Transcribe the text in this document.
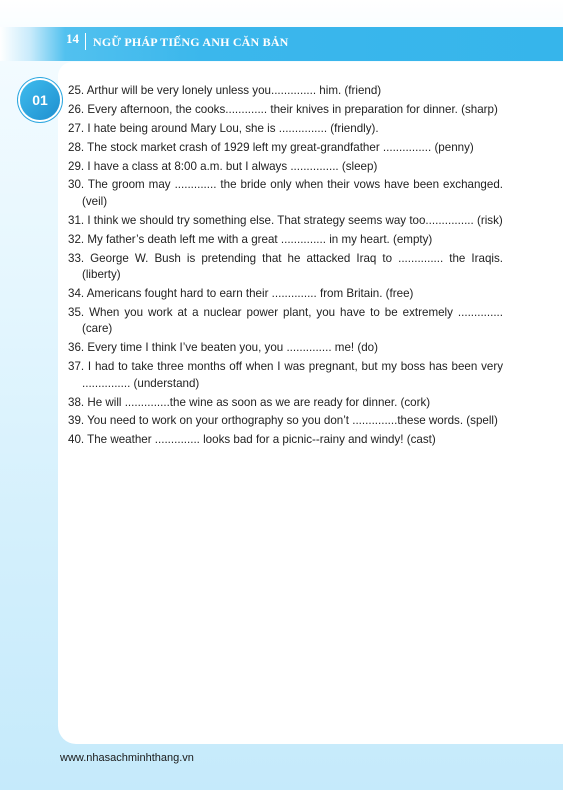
14 NGỮ PHÁP TIẾNG ANH CĂN BẢN
01
25. Arthur will be very lonely unless you.............. him. (friend)
26. Every afternoon, the cooks............. their knives in preparation for dinner. (sharp)
27. I hate being around Mary Lou, she is ............... (friendly).
28. The stock market crash of 1929 left my great-grandfather ............... (penny)
29. I have a class at 8:00 a.m. but I always ............... (sleep)
30. The groom may ............. the bride only when their vows have been exchanged. (veil)
31. I think we should try something else. That strategy seems way too............... (risk)
32. My father’s death left me with a great .............. in my heart. (empty)
33. George W. Bush is pretending that he attacked Iraq to .............. the Iraqis. (liberty)
34. Americans fought hard to earn their .............. from Britain. (free)
35. When you work at a nuclear power plant, you have to be extremely .............. (care)
36. Every time I think I’ve beaten you, you .............. me! (do)
37. I had to take three months off when I was pregnant, but my boss has been very ............... (understand)
38. He will ..............the wine as soon as we are ready for dinner. (cork)
39. You need to work on your orthography so you don’t ..............these words. (spell)
40. The weather .............. looks bad for a picnic--rainy and windy! (cast)
www.nhasachminhthang.vn
